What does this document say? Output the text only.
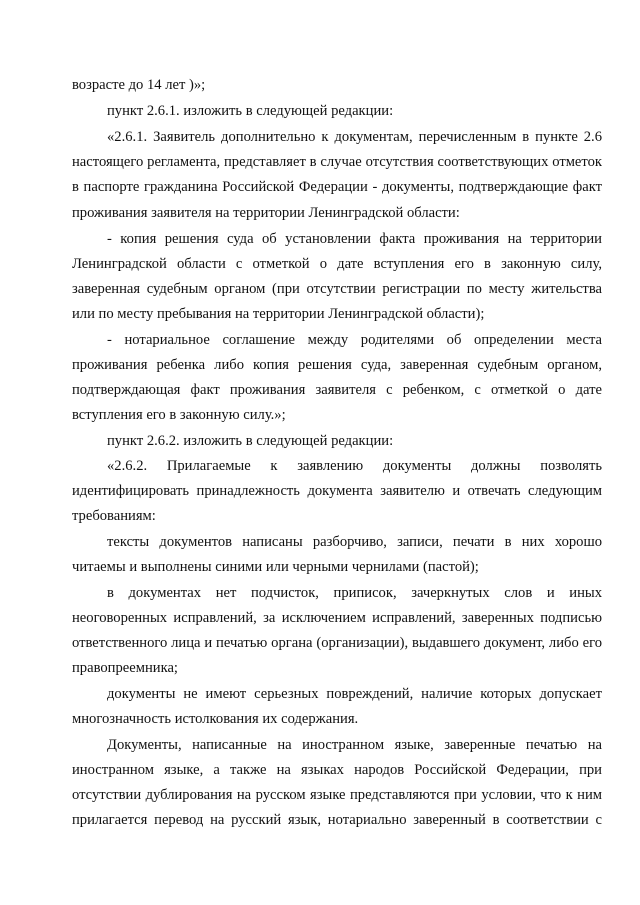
возрасте до 14 лет )»;
пункт 2.6.1. изложить в следующей редакции:
«2.6.1. Заявитель дополнительно к документам, перечисленным в пункте 2.6
настоящего регламента, представляет в случае отсутствия соответствующих отметок
в паспорте гражданина Российской Федерации - документы, подтверждающие факт
проживания заявителя на территории Ленинградской области:
- копия решения суда об установлении факта проживания на территории
Ленинградской области с отметкой о дате вступления его в законную силу,
заверенная судебным органом (при отсутствии регистрации по месту жительства
или по месту пребывания на территории Ленинградской области);
- нотариальное соглашение между родителями об определении места
проживания ребенка либо копия решения суда, заверенная судебным органом,
подтверждающая факт проживания заявителя с ребенком, с отметкой о дате
вступления его в законную силу.»;
пункт 2.6.2. изложить в следующей редакции:
«2.6.2. Прилагаемые к заявлению документы должны позволять
идентифицировать принадлежность документа заявителю и отвечать следующим
требованиям:
тексты документов написаны разборчиво, записи, печати в них хорошо
читаемы и выполнены синими или черными чернилами (пастой);
в документах нет подчисток, приписок, зачеркнутых слов и иных
неоговоренных исправлений, за исключением исправлений, заверенных подписью
ответственного лица и печатью органа (организации), выдавшего документ, либо его
правопреемника;
документы не имеют серьезных повреждений, наличие которых допускает
многозначность истолкования их содержания.
Документы, написанные на иностранном языке, заверенные печатью на
иностранном языке, а также на языках народов Российской Федерации, при
отсутствии дублирования на русском языке представляются при условии, что к ним
прилагается перевод на русский язык, нотариально заверенный в соответствии с
